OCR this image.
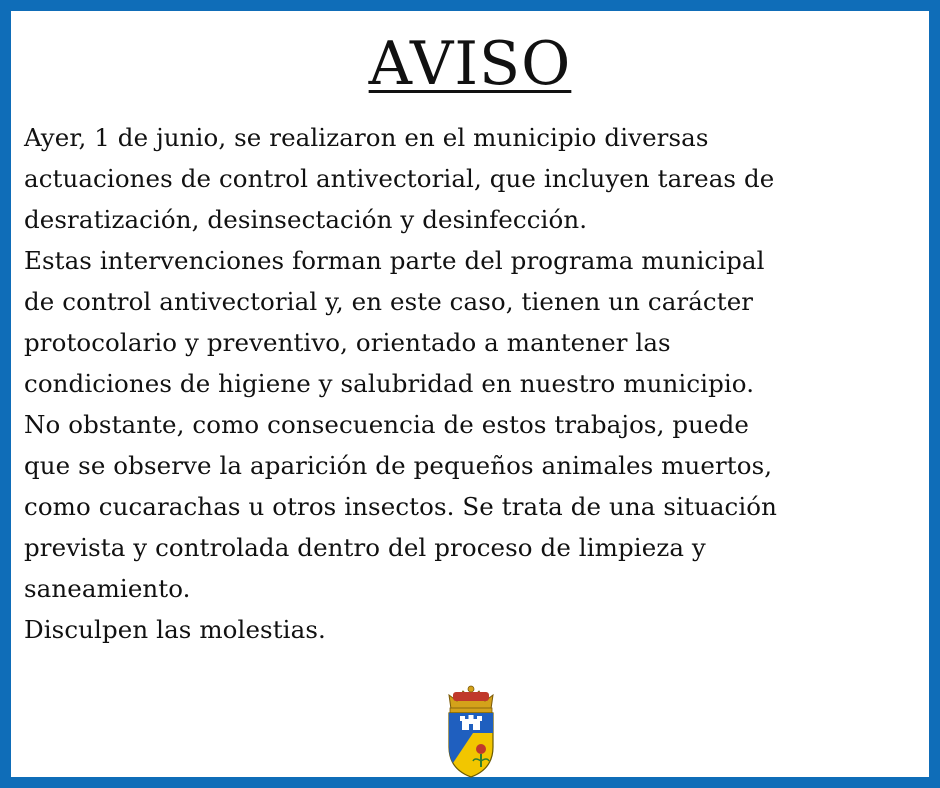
AVISO
Ayer, 1 de junio, se realizaron en el municipio diversas
actuaciones de control antivectorial, que incluyen tareas de
desratización, desinsectación y desinfección.
Estas intervenciones forman parte del programa municipal
de control antivectorial y, en este caso, tienen un carácter
protocolario y preventivo, orientado a mantener las
condiciones de higiene y salubridad en nuestro municipio.
No obstante, como consecuencia de estos trabajos, puede
que se observe la aparición de pequeños animales muertos,
como cucarachas u otros insectos. Se trata de una situación
prevista y controlada dentro del proceso de limpieza y
saneamiento.
Disculpen las molestias.
